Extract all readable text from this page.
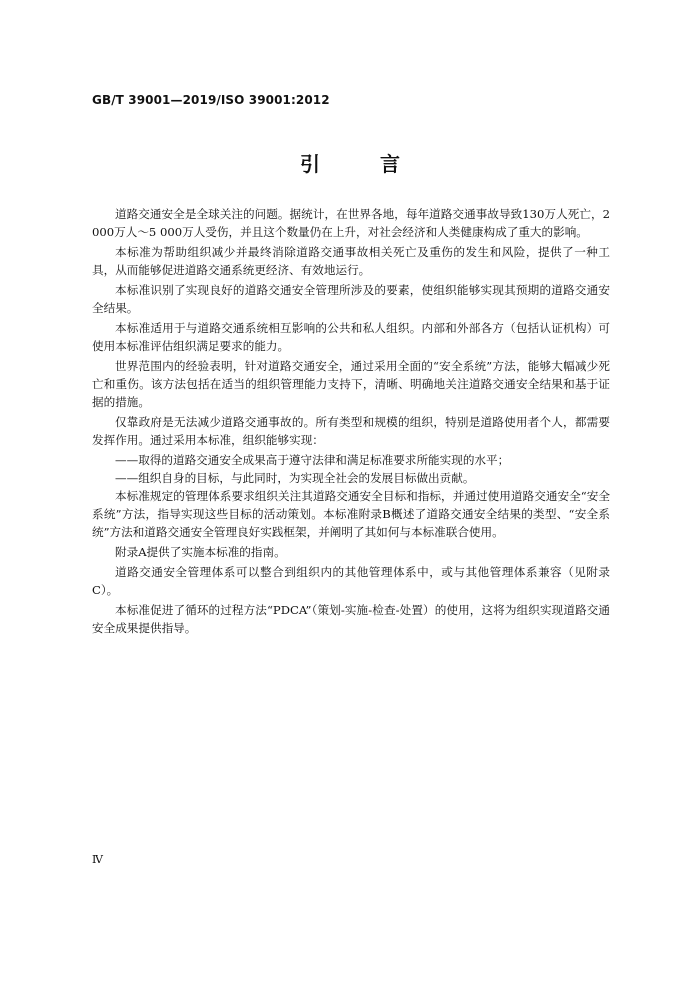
GB/T 39001—2019/ISO 39001:2012
引　言

道路交通安全是全球关注的问题。据统计，在世界各地，每年道路交通事故导致130万人死亡，2 000万人～5 000万人受伤，并且这个数量仍在上升，对社会经济和人类健康构成了重大的影响。

本标准为帮助组织减少并最终消除道路交通事故相关死亡及重伤的发生和风险，提供了一种工具，从而能够促进道路交通系统更经济、有效地运行。

本标准识别了实现良好的道路交通安全管理所涉及的要素，使组织能够实现其预期的道路交通安全结果。

本标准适用于与道路交通系统相互影响的公共和私人组织。内部和外部各方（包括认证机构）可使用本标准评估组织满足要求的能力。

世界范围内的经验表明，针对道路交通安全，通过采用全面的“安全系统”方法，能够大幅减少死亡和重伤。该方法包括在适当的组织管理能力支持下，清晰、明确地关注道路交通安全结果和基于证据的措施。

仅靠政府是无法减少道路交通事故的。所有类型和规模的组织，特别是道路使用者个人，都需要发挥作用。通过采用本标准，组织能够实现：

——取得的道路交通安全成果高于遵守法律和满足标准要求所能实现的水平；

——组织自身的目标，与此同时，为实现全社会的发展目标做出贡献。

本标准规定的管理体系要求组织关注其道路交通安全目标和指标，并通过使用道路交通安全“安全系统”方法，指导实现这些目标的活动策划。本标准附录B概述了道路交通安全结果的类型、“安全系统”方法和道路交通安全管理良好实践框架，并阐明了其如何与本标准联合使用。

附录A提供了实施本标准的指南。

道路交通安全管理体系可以整合到组织内的其他管理体系中，或与其他管理体系兼容（见附录C）。

本标准促进了循环的过程方法“PDCA”（策划-实施-检查-处置）的使用，这将为组织实现道路交通安全成果提供指导。

Ⅳ
